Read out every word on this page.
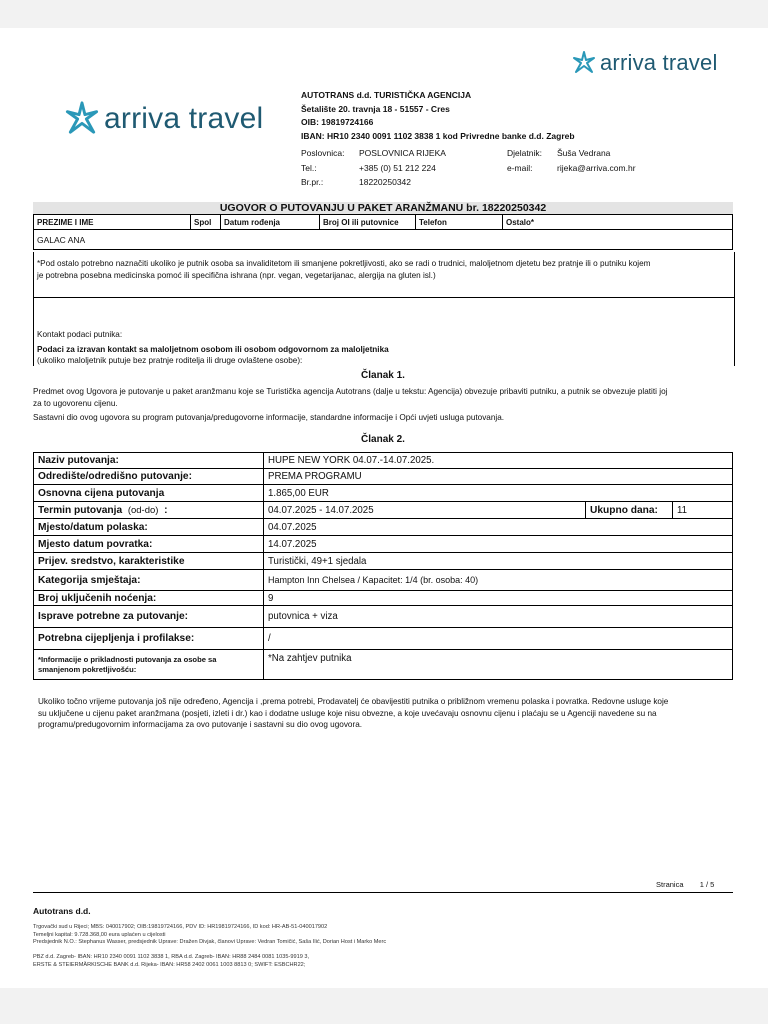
arriva travel
arriva travel
AUTOTRANS d.d. TURISTIČKA AGENCIJA
Šetalište 20. travnja 18 - 51557 - Cres
OIB: 19819724166
IBAN: HR10 2340 0091 1102 3838 1 kod Privredne banke d.d. Zagreb
Poslovnica:	POSLOVNICA RIJEKA	Djelatnik:	Šuša Vedrana
Tel.:	+385 (0) 51 212 224	e-mail:	rijeka@arriva.com.hr
Br.pr.:	18220250342
UGOVOR O PUTOVANJU U PAKET ARANŽMANU br. 18220250342
PREZIME I IME	Spol	Datum rođenja	Broj OI ili putovnice	Telefon	Ostalo*
GALAC ANA
*Pod ostalo potrebno naznačiti ukoliko je putnik osoba sa invaliditetom ili smanjene pokretljivosti, ako se radi o trudnici, maloljetnom djetetu bez pratnje ili o putniku kojem je potrebna posebna medicinska pomoć ili specifična ishrana (npr. vegan, vegetarijanac, alergija na gluten isl.)
Kontakt podaci putnika:
Podaci za izravan kontakt sa maloljetnom osobom ili osobom odgovornom za maloljetnika
(ukoliko maloljetnik putuje bez pratnje roditelja ili druge ovlaštene osobe):
Članak 1.
Predmet ovog Ugovora je putovanje u paket aranžmanu koje se Turistička agencija Autotrans (dalje u tekstu: Agencija) obvezuje pribaviti putniku, a putnik se obvezuje platiti joj za to ugovorenu cijenu.
Sastavni dio ovog ugovora su program putovanja/predugovorne informacije, standardne informacije i Opći uvjeti usluga putovanja.
Članak 2.
Naziv putovanja:	HUPE NEW YORK 04.07.-14.07.2025.		
Odredište/odredišno putovanje:	PREMA PROGRAMU		
Osnovna cijena putovanja	1.865,00 EUR		
Termin putovanja (od-do) :	04.07.2025 - 14.07.2025	Ukupno dana:	11
Mjesto/datum polaska:	04.07.2025		
Mjesto datum povratka:	14.07.2025		
Prijev. sredstvo, karakteristike	Turistički, 49+1 sjedala		
Kategorija smještaja:	Hampton Inn Chelsea / Kapacitet: 1/4 (br. osoba: 40)		
Broj uključenih noćenja:	9		
Isprave potrebne za putovanje:	putovnica + viza		
Potrebna cijepljenja i profilakse:	/		
*Informacije o prikladnosti putovanja za osobe sa smanjenom pokretljivošću:	*Na zahtjev putnika		
Ukoliko točno vrijeme putovanja još nije određeno, Agencija i ,prema potrebi, Prodavatelj će obavijestiti putnika o približnom vremenu polaska i povratka. Redovne usluge koje su uključene u cijenu paket aranžmana (posjeti, izleti i dr.) kao i dodatne usluge koje nisu obvezne, a koje uvećavaju osnovnu cijenu i plaćaju se u Agenciji navedene su na programu/predugovornim informacijama za ovo putovanje i sastavni su dio ovog ugovora.
Stranica 1 / 5
Autotrans d.d.
Trgovački sud u Rijeci; MBS: 040017902; OIB:19819724166, PDV ID: HR19819724166, ID kod: HR-AB-51-040017902
Temeljni kapital: 9.728.368,00 eura uplaćen u cijelosti
Predsjednik N.O.: Stephanus Wasser, predsjednik Uprave: Dražen Divjak, članovi Uprave: Vedran Tomičić, Saša Ilić, Dorian Host i Marko Merc
PBZ d.d. Zagreb- IBAN: HR10 2340 0091 1102 3838 1, RBA d.d. Zagreb- IBAN: HR88 2484 0081 1035-9919 3,
ERSTE & STEIERMÄRKISCHE BANK d.d. Rijeka- IBAN: HR58 2402 0061 1003 8813 0; SWIFT: ESBCHR22;
